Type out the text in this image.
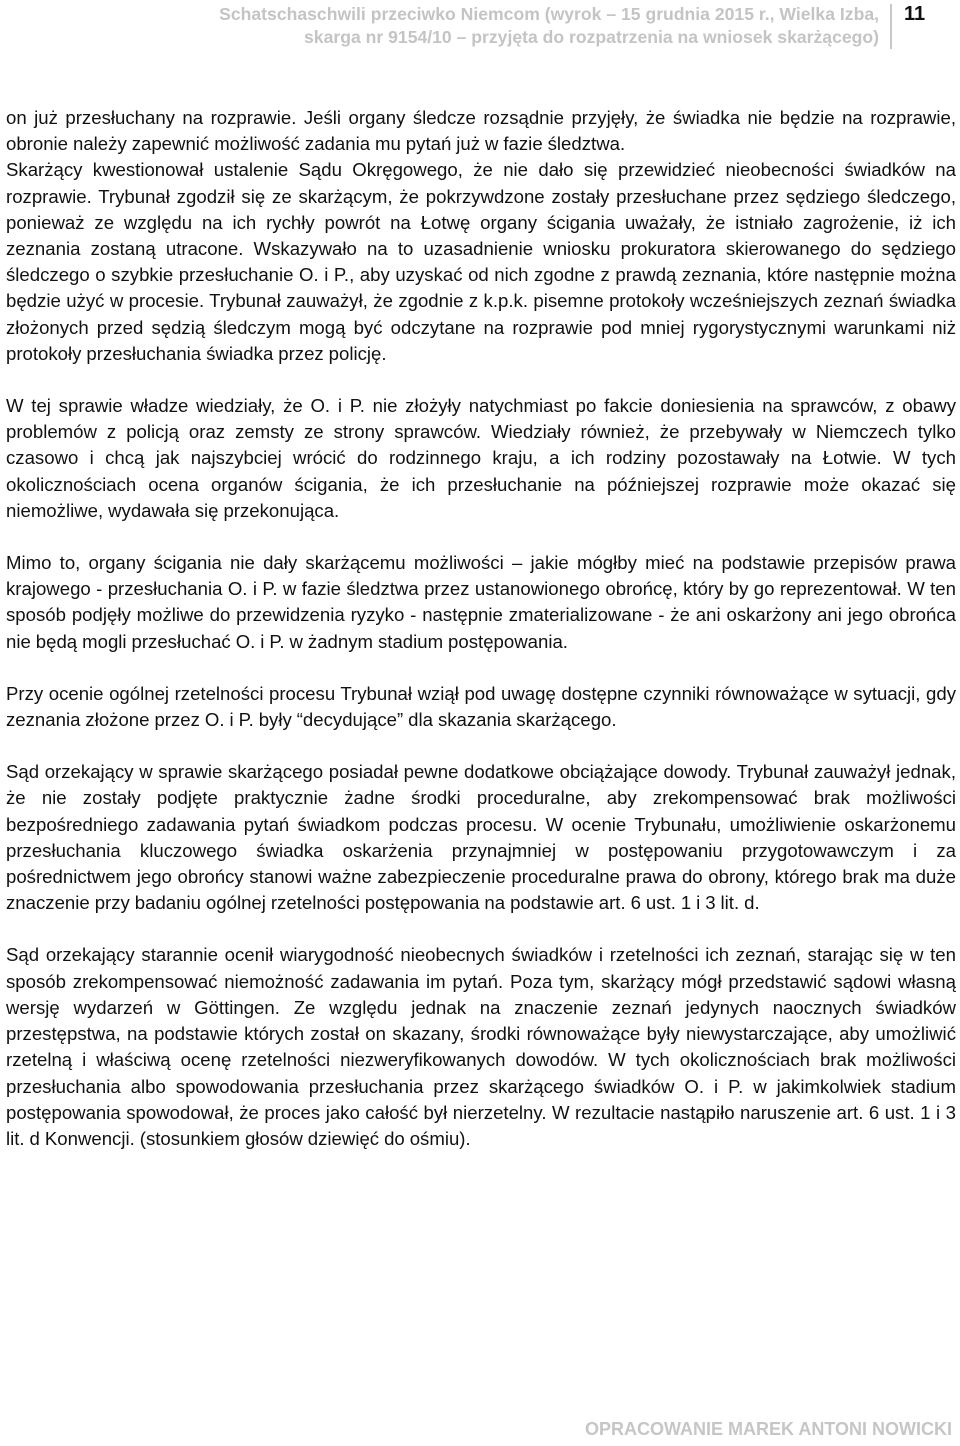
Schatschaschwili przeciwko Niemcom (wyrok – 15 grudnia 2015 r., Wielka Izba,
skarga nr 9154/10 – przyjęta do rozpatrzenia na wniosek skarżącego)
11

on już przesłuchany na rozprawie. Jeśli organy śledcze rozsądnie przyjęły, że świadka nie będzie na rozprawie, obronie należy zapewnić możliwość zadania mu pytań już w fazie śledztwa.

Skarżący kwestionował ustalenie Sądu Okręgowego, że nie dało się przewidzieć nieobecności świadków na rozprawie. Trybunał zgodził się ze skarżącym, że pokrzywdzone zostały przesłuchane przez sędziego śledczego, ponieważ ze względu na ich rychły powrót na Łotwę organy ścigania uważały, że istniało zagrożenie, iż ich zeznania zostaną utracone. Wskazywało na to uzasadnienie wniosku prokuratora skierowanego do sędziego śledczego o szybkie przesłuchanie O. i P., aby uzyskać od nich zgodne z prawdą zeznania, które następnie można będzie użyć w procesie. Trybunał zauważył, że zgodnie z k.p.k. pisemne protokoły wcześniejszych zeznań świadka złożonych przed sędzią śledczym mogą być odczytane na rozprawie pod mniej rygorystycznymi warunkami niż protokoły przesłuchania świadka przez policję.

W tej sprawie władze wiedziały, że O. i P. nie złożyły natychmiast po fakcie doniesienia na sprawców, z obawy problemów z policją oraz zemsty ze strony sprawców. Wiedziały również, że przebywały w Niemczech tylko czasowo i chcą jak najszybciej wrócić do rodzinnego kraju, a ich rodziny pozostawały na Łotwie. W tych okolicznościach ocena organów ścigania, że ich przesłuchanie na późniejszej rozprawie może okazać się niemożliwe, wydawała się przekonująca.

Mimo to, organy ścigania nie dały skarżącemu możliwości – jakie mógłby mieć na podstawie przepisów prawa krajowego - przesłuchania O. i P. w fazie śledztwa przez ustanowionego obrońcę, który by go reprezentował. W ten sposób podjęły możliwe do przewidzenia ryzyko - następnie zmaterializowane - że ani oskarżony ani jego obrońca nie będą mogli przesłuchać O. i P. w żadnym stadium postępowania.

Przy ocenie ogólnej rzetelności procesu Trybunał wziął pod uwagę dostępne czynniki równoważące w sytuacji, gdy zeznania złożone przez O. i P. były “decydujące” dla skazania skarżącego.

Sąd orzekający w sprawie skarżącego posiadał pewne dodatkowe obciążające dowody. Trybunał zauważył jednak, że nie zostały podjęte praktycznie żadne środki proceduralne, aby zrekompensować brak możliwości bezpośredniego zadawania pytań świadkom podczas procesu. W ocenie Trybunału, umożliwienie oskarżonemu przesłuchania kluczowego świadka oskarżenia przynajmniej w postępowaniu przygotowawczym i za pośrednictwem jego obrońcy stanowi ważne zabezpieczenie proceduralne prawa do obrony, którego brak ma duże znaczenie przy badaniu ogólnej rzetelności postępowania na podstawie art. 6 ust. 1 i 3 lit. d.

Sąd orzekający starannie ocenił wiarygodność nieobecnych świadków i rzetelności ich zeznań, starając się w ten sposób zrekompensować niemożność zadawania im pytań. Poza tym, skarżący mógł przedstawić sądowi własną wersję wydarzeń w Göttingen. Ze względu jednak na znaczenie zeznań jedynych naocznych świadków przestępstwa, na podstawie których został on skazany, środki równoważące były niewystarczające, aby umożliwić rzetelną i właściwą ocenę rzetelności niezweryfikowanych dowodów. W tych okolicznościach brak możliwości przesłuchania albo spowodowania przesłuchania przez skarżącego świadków O. i P. w jakimkolwiek stadium postępowania spowodował, że proces jako całość był nierzetelny. W rezultacie nastąpiło naruszenie art. 6 ust. 1 i 3 lit. d Konwencji. (stosunkiem głosów dziewięć do ośmiu).

OPRACOWANIE MAREK ANTONI NOWICKI
